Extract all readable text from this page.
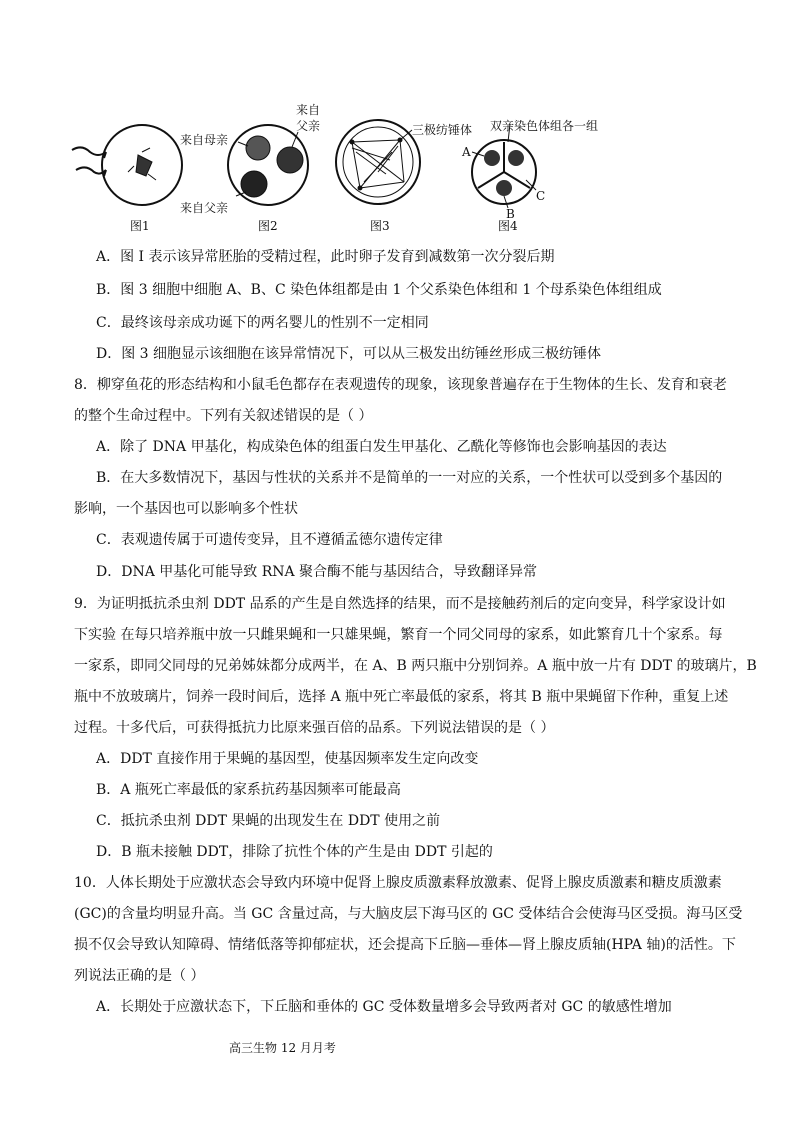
图1
来自母亲
来自
父亲
来自父亲
图2
三极纺锤体
图3
A
B
C
双亲染色体组各一组
图4
A．图 I 表示该异常胚胎的受精过程，此时卵子发育到减数第一次分裂后期
B．图 3 细胞中细胞 A、B、C 染色体组都是由 1 个父系染色体组和 1 个母系染色体组组成
C．最终该母亲成功诞下的两名婴儿的性别不一定相同
D．图 3 细胞显示该细胞在该异常情况下，可以从三极发出纺锤丝形成三极纺锤体
8．柳穿鱼花的形态结构和小鼠毛色都存在表观遗传的现象，该现象普遍存在于生物体的生长、发育和衰老
的整个生命过程中。下列有关叙述错误的是（ ）
A．除了 DNA 甲基化，构成染色体的组蛋白发生甲基化、乙酰化等修饰也会影响基因的表达
B．在大多数情况下，基因与性状的关系并不是简单的一一对应的关系，一个性状可以受到多个基因的
影响，一个基因也可以影响多个性状
C．表观遗传属于可遗传变异，且不遵循孟德尔遗传定律
D．DNA 甲基化可能导致 RNA 聚合酶不能与基因结合，导致翻译异常
9．为证明抵抗杀虫剂 DDT 品系的产生是自然选择的结果，而不是接触药剂后的定向变异，科学家设计如
下实验 在每只培养瓶中放一只雌果蝇和一只雄果蝇，繁育一个同父同母的家系，如此繁育几十个家系。每
一家系，即同父同母的兄弟姊妹都分成两半，在 A、B 两只瓶中分别饲养。A 瓶中放一片有 DDT 的玻璃片，B
瓶中不放玻璃片，饲养一段时间后，选择 A 瓶中死亡率最低的家系，将其 B 瓶中果蝇留下作种，重复上述
过程。十多代后，可获得抵抗力比原来强百倍的品系。下列说法错误的是（ ）
A．DDT 直接作用于果蝇的基因型，使基因频率发生定向改变
B．A 瓶死亡率最低的家系抗药基因频率可能最高
C．抵抗杀虫剂 DDT 果蝇的出现发生在 DDT 使用之前
D．B 瓶未接触 DDT，排除了抗性个体的产生是由 DDT 引起的
10．人体长期处于应激状态会导致内环境中促肾上腺皮质激素释放激素、促肾上腺皮质激素和糖皮质激素
(GC)的含量均明显升高。当 GC 含量过高，与大脑皮层下海马区的 GC 受体结合会使海马区受损。海马区受
损不仅会导致认知障碍、情绪低落等抑郁症状，还会提高下丘脑—垂体—肾上腺皮质轴(HPA 轴)的活性。下
列说法正确的是（ ）
A．长期处于应激状态下，下丘脑和垂体的 GC 受体数量增多会导致两者对 GC 的敏感性增加
高三生物 12 月月考
